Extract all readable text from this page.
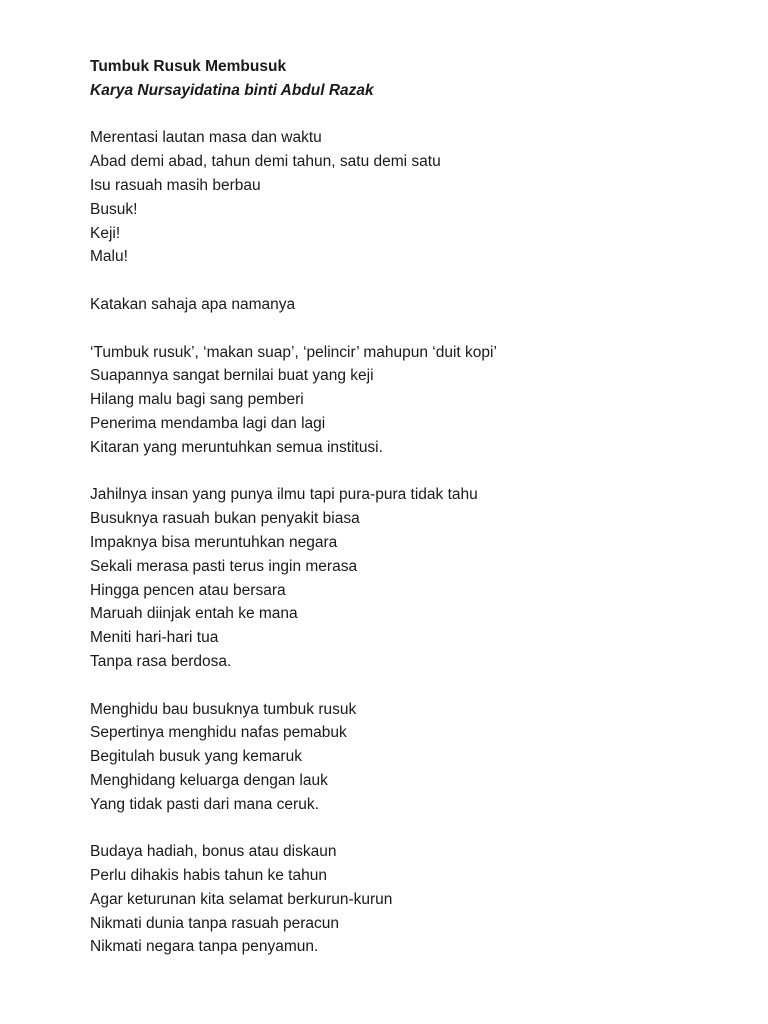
Tumbuk Rusuk Membusuk
Karya Nursayidatina binti Abdul Razak
Merentasi lautan masa dan waktu
Abad demi abad, tahun demi tahun, satu demi satu
Isu rasuah masih berbau
Busuk!
Keji!
Malu!
Katakan sahaja apa namanya
‘Tumbuk rusuk’, ‘makan suap’, ‘pelincir’ mahupun ‘duit kopi’
Suapannya sangat bernilai buat yang keji
Hilang malu bagi sang pemberi
Penerima mendamba lagi dan lagi
Kitaran yang meruntuhkan semua institusi.
Jahilnya insan yang punya ilmu tapi pura-pura tidak tahu
Busuknya rasuah bukan penyakit biasa
Impaknya bisa meruntuhkan negara
Sekali merasa pasti terus ingin merasa
Hingga pencen atau bersara
Maruah diinjak entah ke mana
Meniti hari-hari tua
Tanpa rasa berdosa.
Menghidu bau busuknya tumbuk rusuk
Sepertinya menghidu nafas pemabuk
Begitulah busuk yang kemaruk
Menghidang keluarga dengan lauk
Yang tidak pasti dari mana ceruk.
Budaya hadiah, bonus atau diskaun
Perlu dihakis habis tahun ke tahun
Agar keturunan kita selamat berkurun-kurun
Nikmati dunia tanpa rasuah peracun
Nikmati negara tanpa penyamun.
